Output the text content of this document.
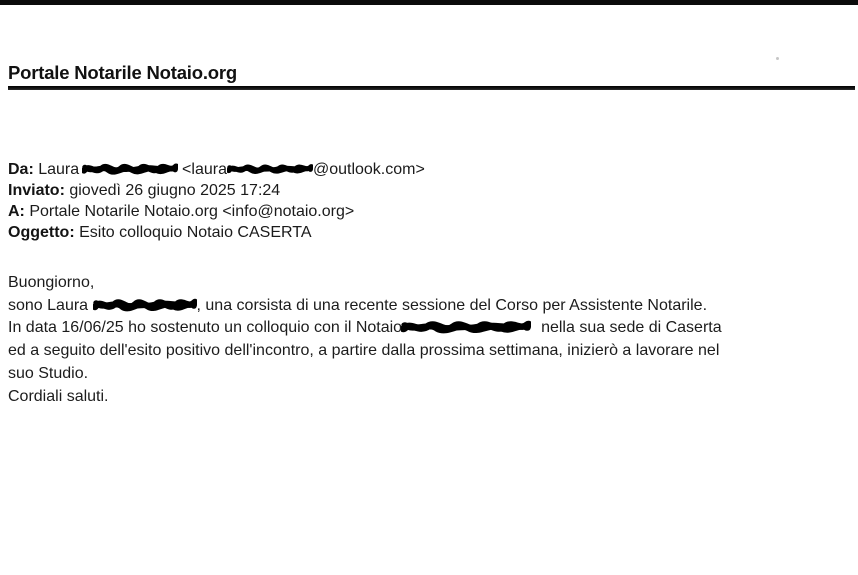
Portale Notarile Notaio.org
Da: Laura	<laura	@outlook.com>
Inviato: giovedì 26 giugno 2025 17:24
A: Portale Notarile Notaio.org <info@notaio.org>
Oggetto: Esito colloquio Notaio CASERTA
Buongiorno,
sono Laura	, una corsista di una recente sessione del Corso per Assistente Notarile.
In data 16/06/25 ho sostenuto un colloquio con il Notaio	nella sua sede di Caserta
ed a seguito dell'esito positivo dell'incontro, a partire dalla prossima settimana, inizierò a lavorare nel
suo Studio.
Cordiali saluti.
